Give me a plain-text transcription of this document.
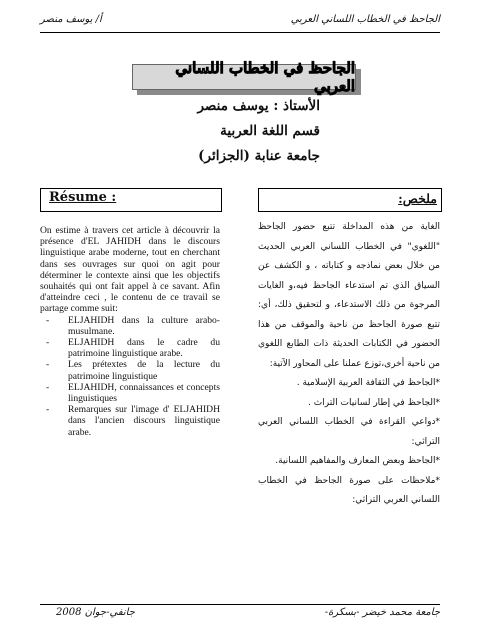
الجاحظ في الخطاب اللساني العربي
أ/ يوسف منصر
الجاحظ في الخطاب اللساني العربي
الأستاذ : يوسف منصر
قسم اللغة العربية
جامعة عنابة (الجزائر)
Résume :	ملخص:
On estime à travers cet article à découvrir la présence d'EL JAHIDH dans le discours linguistique arabe moderne, tout en cherchant dans ses ouvrages sur quoi on agit pour déterminer le contexte ainsi que les objectifs souhaités qui ont fait appel à ce savant. Afin d'atteindre ceci , le contenu de ce travail se partage comme suit:
- ELJAHIDH dans la culture arabo-musulmane.
- ELJAHIDH dans le cadre du patrimoine linguistique arabe.
- Les prétextes de la lecture du patrimoine linguistique
- ELJAHIDH, connaissances et concepts linguistiques
- Remarques sur l'image d' ELJAHIDH dans l'ancien discours linguistique arabe.

الغاية من هذه المداخلة تتبع حضور الجاحظ "اللغوي" في الخطاب اللساني العربي الحديث من خلال بعض نماذجه و كتاباته ، و الكشف عن السياق الذي تم استدعاء الجاحظ فيه،و الغايات المرجوة من ذلك الاستدعاء، و لتحقيق ذلك، أي: تتبع صورة الجاحظ من ناحية والموقف من هذا الحضور في الكتابات الحديثة ذات الطابع اللغوي من ناحية أخرى،توزع عملنا على المحاور الآتية:

*الجاحظ في الثقافة العربية الإسلامية .

*الجاحظ في إطار لسانيات التراث .

*دواعي القراءة في الخطاب اللساني العربي التراثي:

*الجاحظ وبعض المعارف والمفاهيم اللسانية.

*ملاحظات على صورة الجاحظ في الخطاب اللساني العربي التراثي:

جامعة محمد خيضر -بسكرة-
جانفي-جوان 2008
